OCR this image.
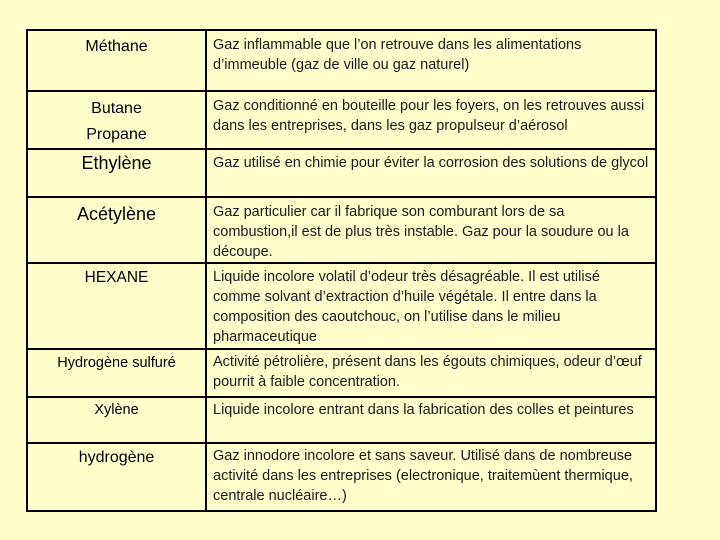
Méthane	Gaz inflammable que l’on retrouve dans les alimentations d’immeuble (gaz de ville ou gaz naturel)

Butane
Propane	Gaz conditionné en bouteille pour les foyers, on les retrouves aussi dans les entreprises, dans les gaz propulseur d’aérosol

Ethylène	Gaz utilisé en chimie pour éviter la corrosion des solutions de glycol

Acétylène	Gaz particulier car il fabrique son comburant lors de sa combustion,il est de plus très instable. Gaz pour la soudure ou la découpe.

HEXANE	Liquide incolore volatil d’odeur très désagréable. Il est utilisé comme solvant d’extraction d’huile végétale. Il entre dans la composition des caoutchouc, on l’utilise dans le milieu pharmaceutique

Hydrogène sulfuré	Activité pétrolière, présent dans les égouts chimiques, odeur d’œuf pourrit à faible concentration.

Xylène	Liquide incolore entrant dans la fabrication des colles et peintures

hydrogène	Gaz innodore incolore et sans saveur. Utilisé dans de nombreuse activité dans les entreprises (electronique, traitemùent thermique, centrale nucléaire…)
